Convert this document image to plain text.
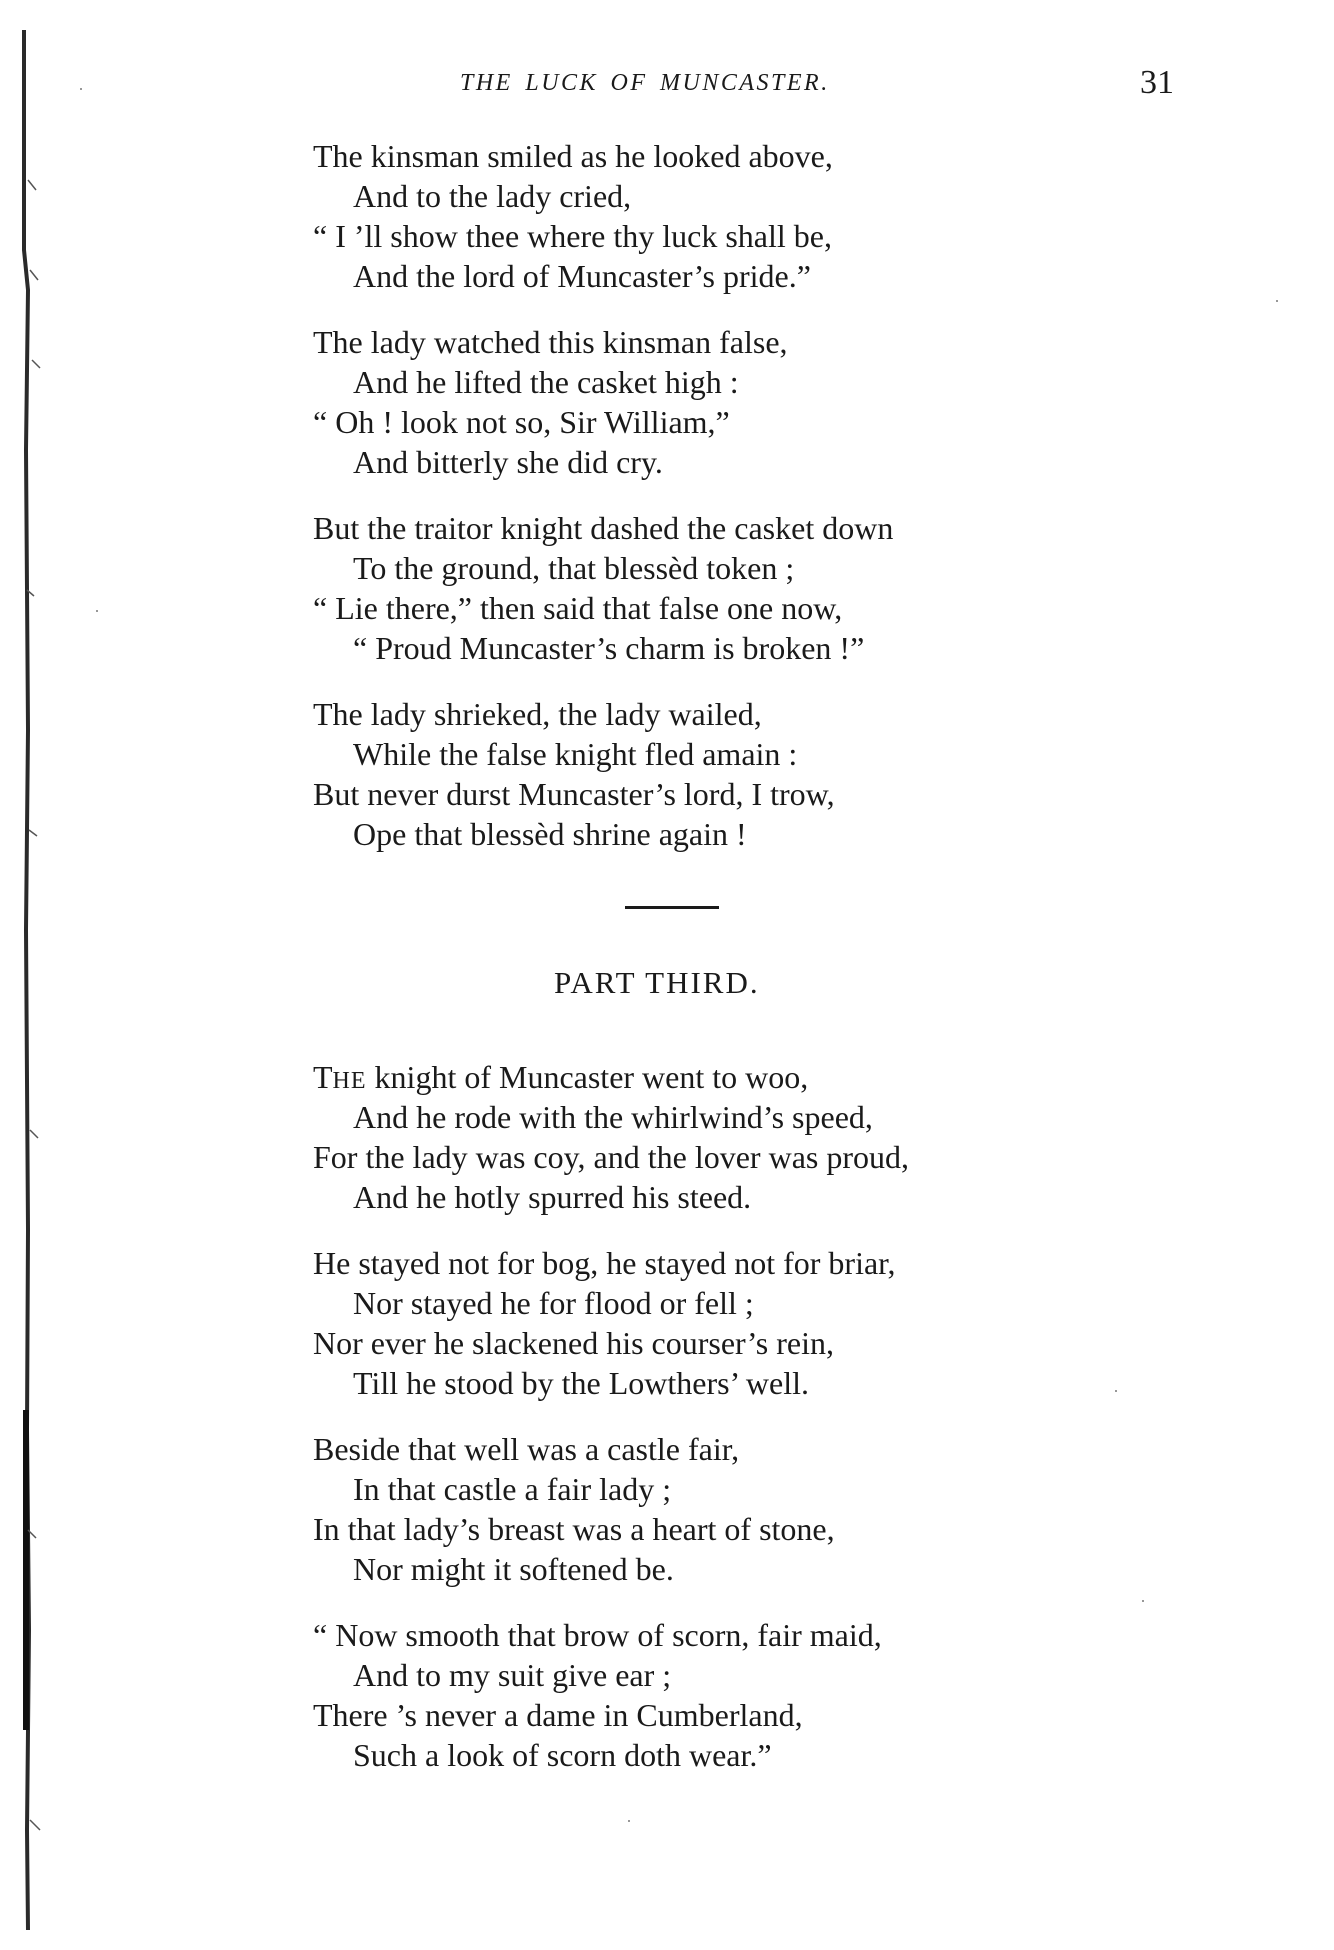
THE LUCK OF MUNCASTER.	31
The kinsman smiled as he looked above,
And to the lady cried,
“ I ’ll show thee where thy luck shall be,
And the lord of Muncaster’s pride.”
The lady watched this kinsman false,
And he lifted the casket high :
“ Oh ! look not so, Sir William,”
And bitterly she did cry.
But the traitor knight dashed the casket down
To the ground, that blessèd token ;
“ Lie there,” then said that false one now,
“ Proud Muncaster’s charm is broken !”
The lady shrieked, the lady wailed,
While the false knight fled amain :
But never durst Muncaster’s lord, I trow,
Ope that blessèd shrine again !
PART THIRD.
THE knight of Muncaster went to woo,
And he rode with the whirlwind’s speed,
For the lady was coy, and the lover was proud,
And he hotly spurred his steed.
He stayed not for bog, he stayed not for briar,
Nor stayed he for flood or fell ;
Nor ever he slackened his courser’s rein,
Till he stood by the Lowthers’ well.
Beside that well was a castle fair,
In that castle a fair lady ;
In that lady’s breast was a heart of stone,
Nor might it softened be.
“ Now smooth that brow of scorn, fair maid,
And to my suit give ear ;
There ’s never a dame in Cumberland,
Such a look of scorn doth wear.”
